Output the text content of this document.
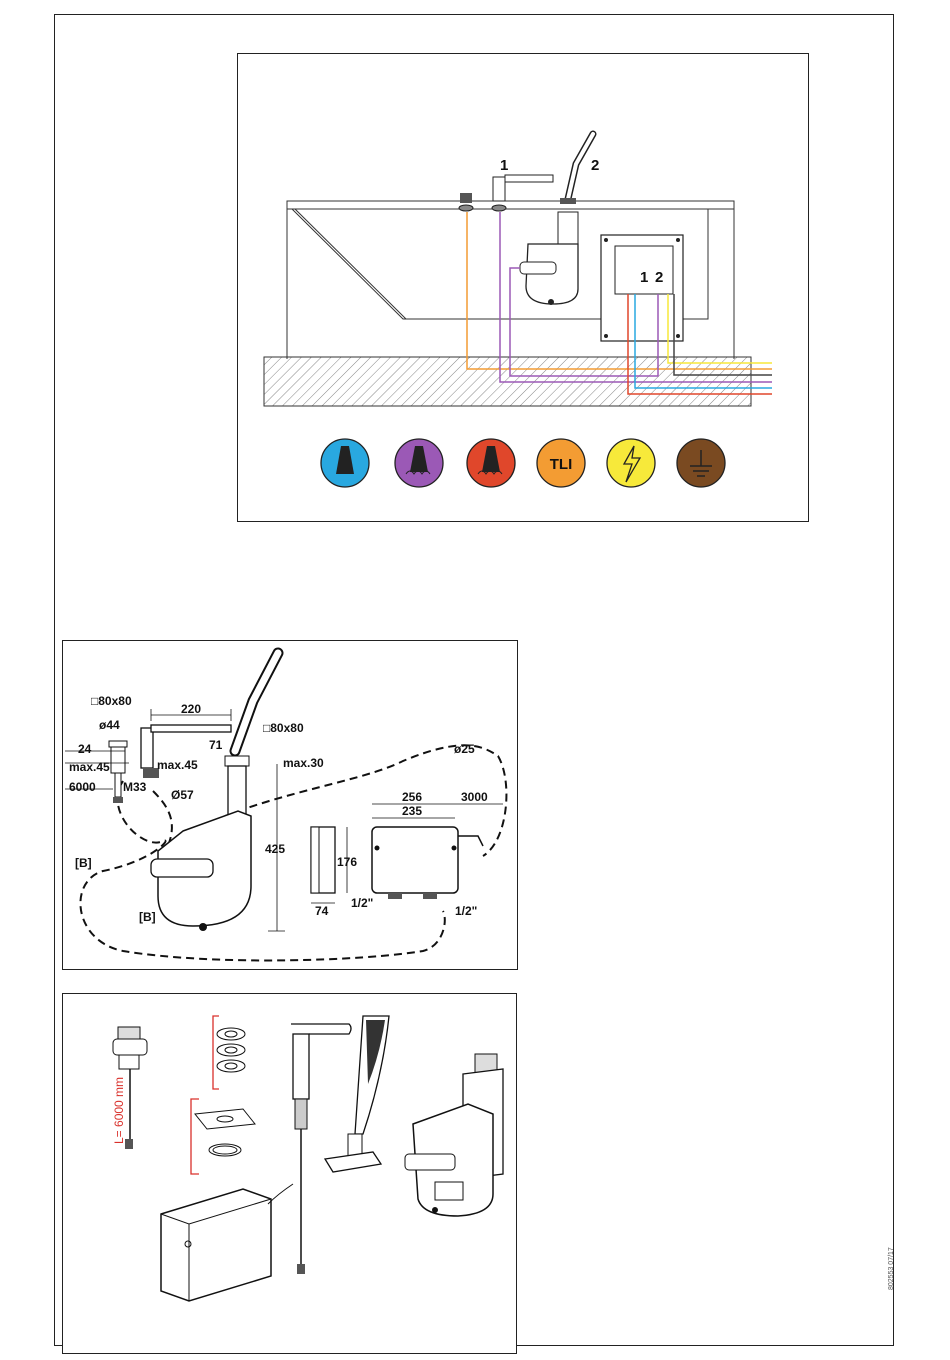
1	2
1 2
TLI
□80x80
ø44
24
max.45
6000 M33
220
71
□80x80
max.45	max.30
Ø57
ø25
425
176
74
256
235
3000
1/2"
1/2"
[B]
[B]
L= 6000 mm
802553 07/17
